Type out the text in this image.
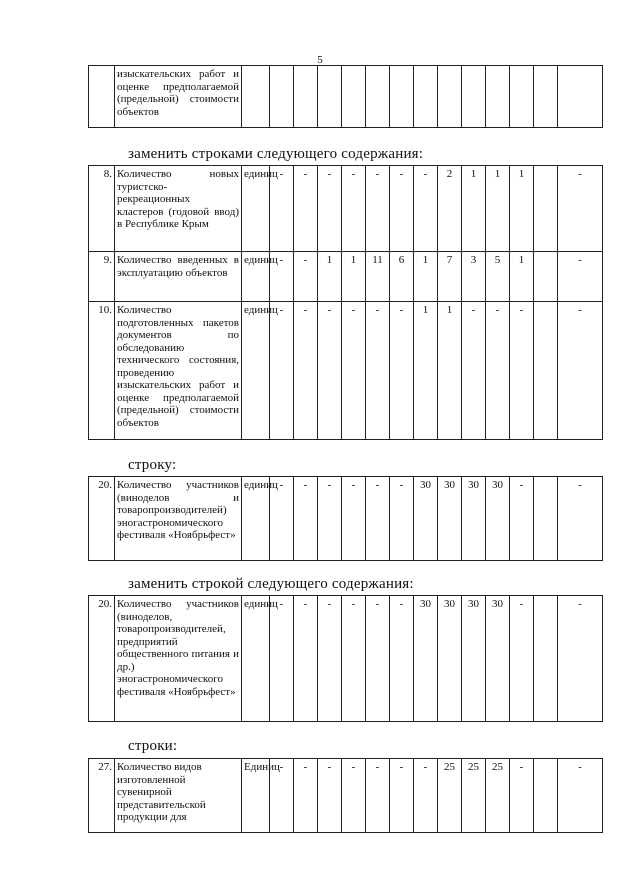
5
	изыскательских работ и оценке предполагаемой (предельной) стоимости объектов														
заменить строками следующего содержания:
8.	Количество новых туристско-рекреационных кластеров (годовой ввод) в Республике Крым	единиц	-	-	-	-	-	-	-	2	1	1	1		-
9.	Количество введенных в эксплуатацию объектов	единиц	-	-	1	1	11	6	1	7	3	5	1		-
10.	Количество подготовленных пакетов документов по обследованию технического состояния, проведению изыскательских работ и оценке предполагаемой (предельной) стоимости объектов	единиц	-	-	-	-	-	-	1	1	-	-	-		-
строку:
20.	Количество участников (виноделов и товаропроизводителей) эногастрономического фестиваля «Ноябрьфест»	единиц	-	-	-	-	-	-	30	30	30	30	-		-
заменить строкой следующего содержания:
20.	Количество участников (виноделов, товаропроизводителей, предприятий общественного питания и др.) эногастрономического фестиваля «Ноябрьфест»	единиц	-	-	-	-	-	-	30	30	30	30	-		-
строки:
27.	Количество видов изготовленной сувенирной представительской продукции для	Единиц	-	-	-	-	-	-	-	25	25	25	-		-
